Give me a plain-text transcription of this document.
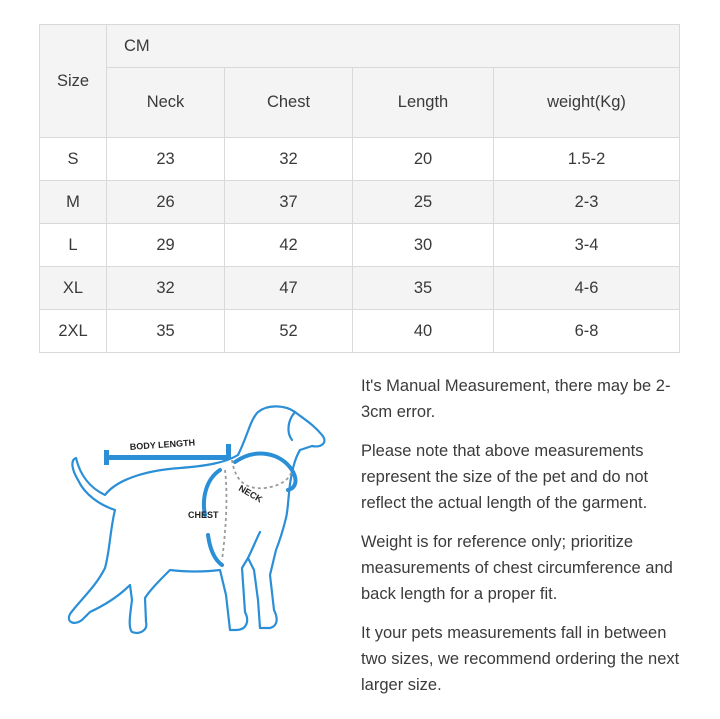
Size	CM			
	Neck	Chest	Length	weight(Kg)
S	23	32	20	1.5-2
M	26	37	25	2-3
L	29	42	30	3-4
XL	32	47	35	4-6
2XL	35	52	40	6-8
BODY LENGTH
NECK
CHEST

It's Manual Measurement, there may be 2-3cm error.

Please note that above measurements represent the size of the pet and do not reflect the actual length of the garment.

Weight is for reference only; prioritize measurements of chest circumference and back length for a proper fit.

It your pets measurements fall in between two sizes, we recommend ordering the next larger size.
